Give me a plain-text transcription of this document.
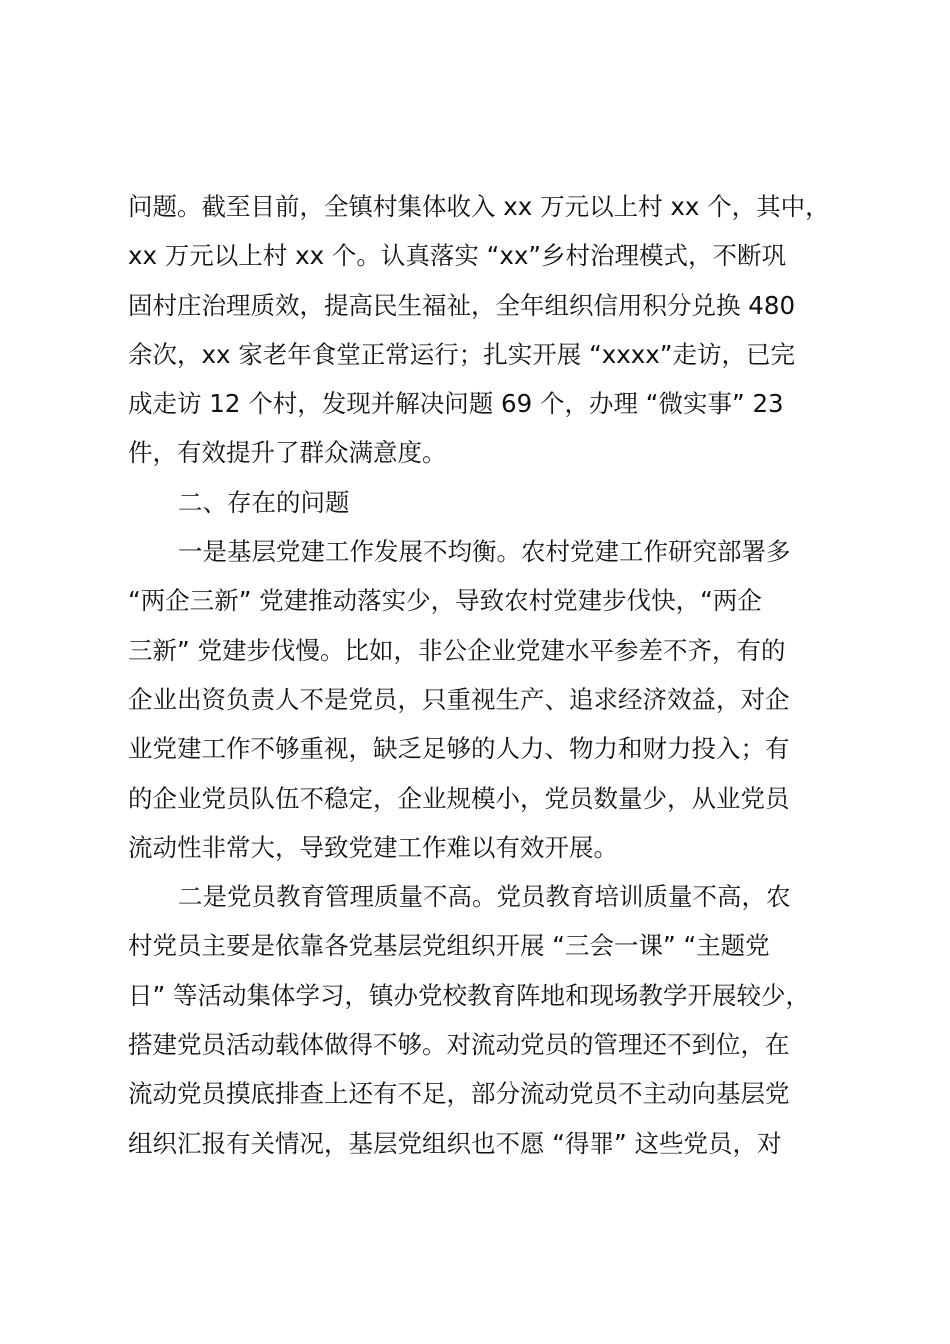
问题。截至目前，全镇村集体收入 xx 万元以上村 xx 个，其中，
xx 万元以上村 xx 个。认真落实 “xx”乡村治理模式，不断巩
固村庄治理质效，提高民生福祉，全年组织信用积分兑换 480
余次，xx 家老年食堂正常运行；扎实开展 “xxxx”走访，已完
成走访 12 个村，发现并解决问题 69 个，办理 “微实事” 23
件，有效提升了群众满意度。
二、存在的问题
一是基层党建工作发展不均衡。农村党建工作研究部署多
“两企三新” 党建推动落实少，导致农村党建步伐快，“两企
三新” 党建步伐慢。比如，非公企业党建水平参差不齐，有的
企业出资负责人不是党员，只重视生产、追求经济效益，对企
业党建工作不够重视，缺乏足够的人力、物力和财力投入；有
的企业党员队伍不稳定，企业规模小，党员数量少，从业党员
流动性非常大，导致党建工作难以有效开展。
二是党员教育管理质量不高。党员教育培训质量不高，农
村党员主要是依靠各党基层党组织开展 “三会一课” “主题党
日” 等活动集体学习，镇办党校教育阵地和现场教学开展较少，
搭建党员活动载体做得不够。对流动党员的管理还不到位，在
流动党员摸底排查上还有不足，部分流动党员不主动向基层党
组织汇报有关情况，基层党组织也不愿 “得罪” 这些党员，对
